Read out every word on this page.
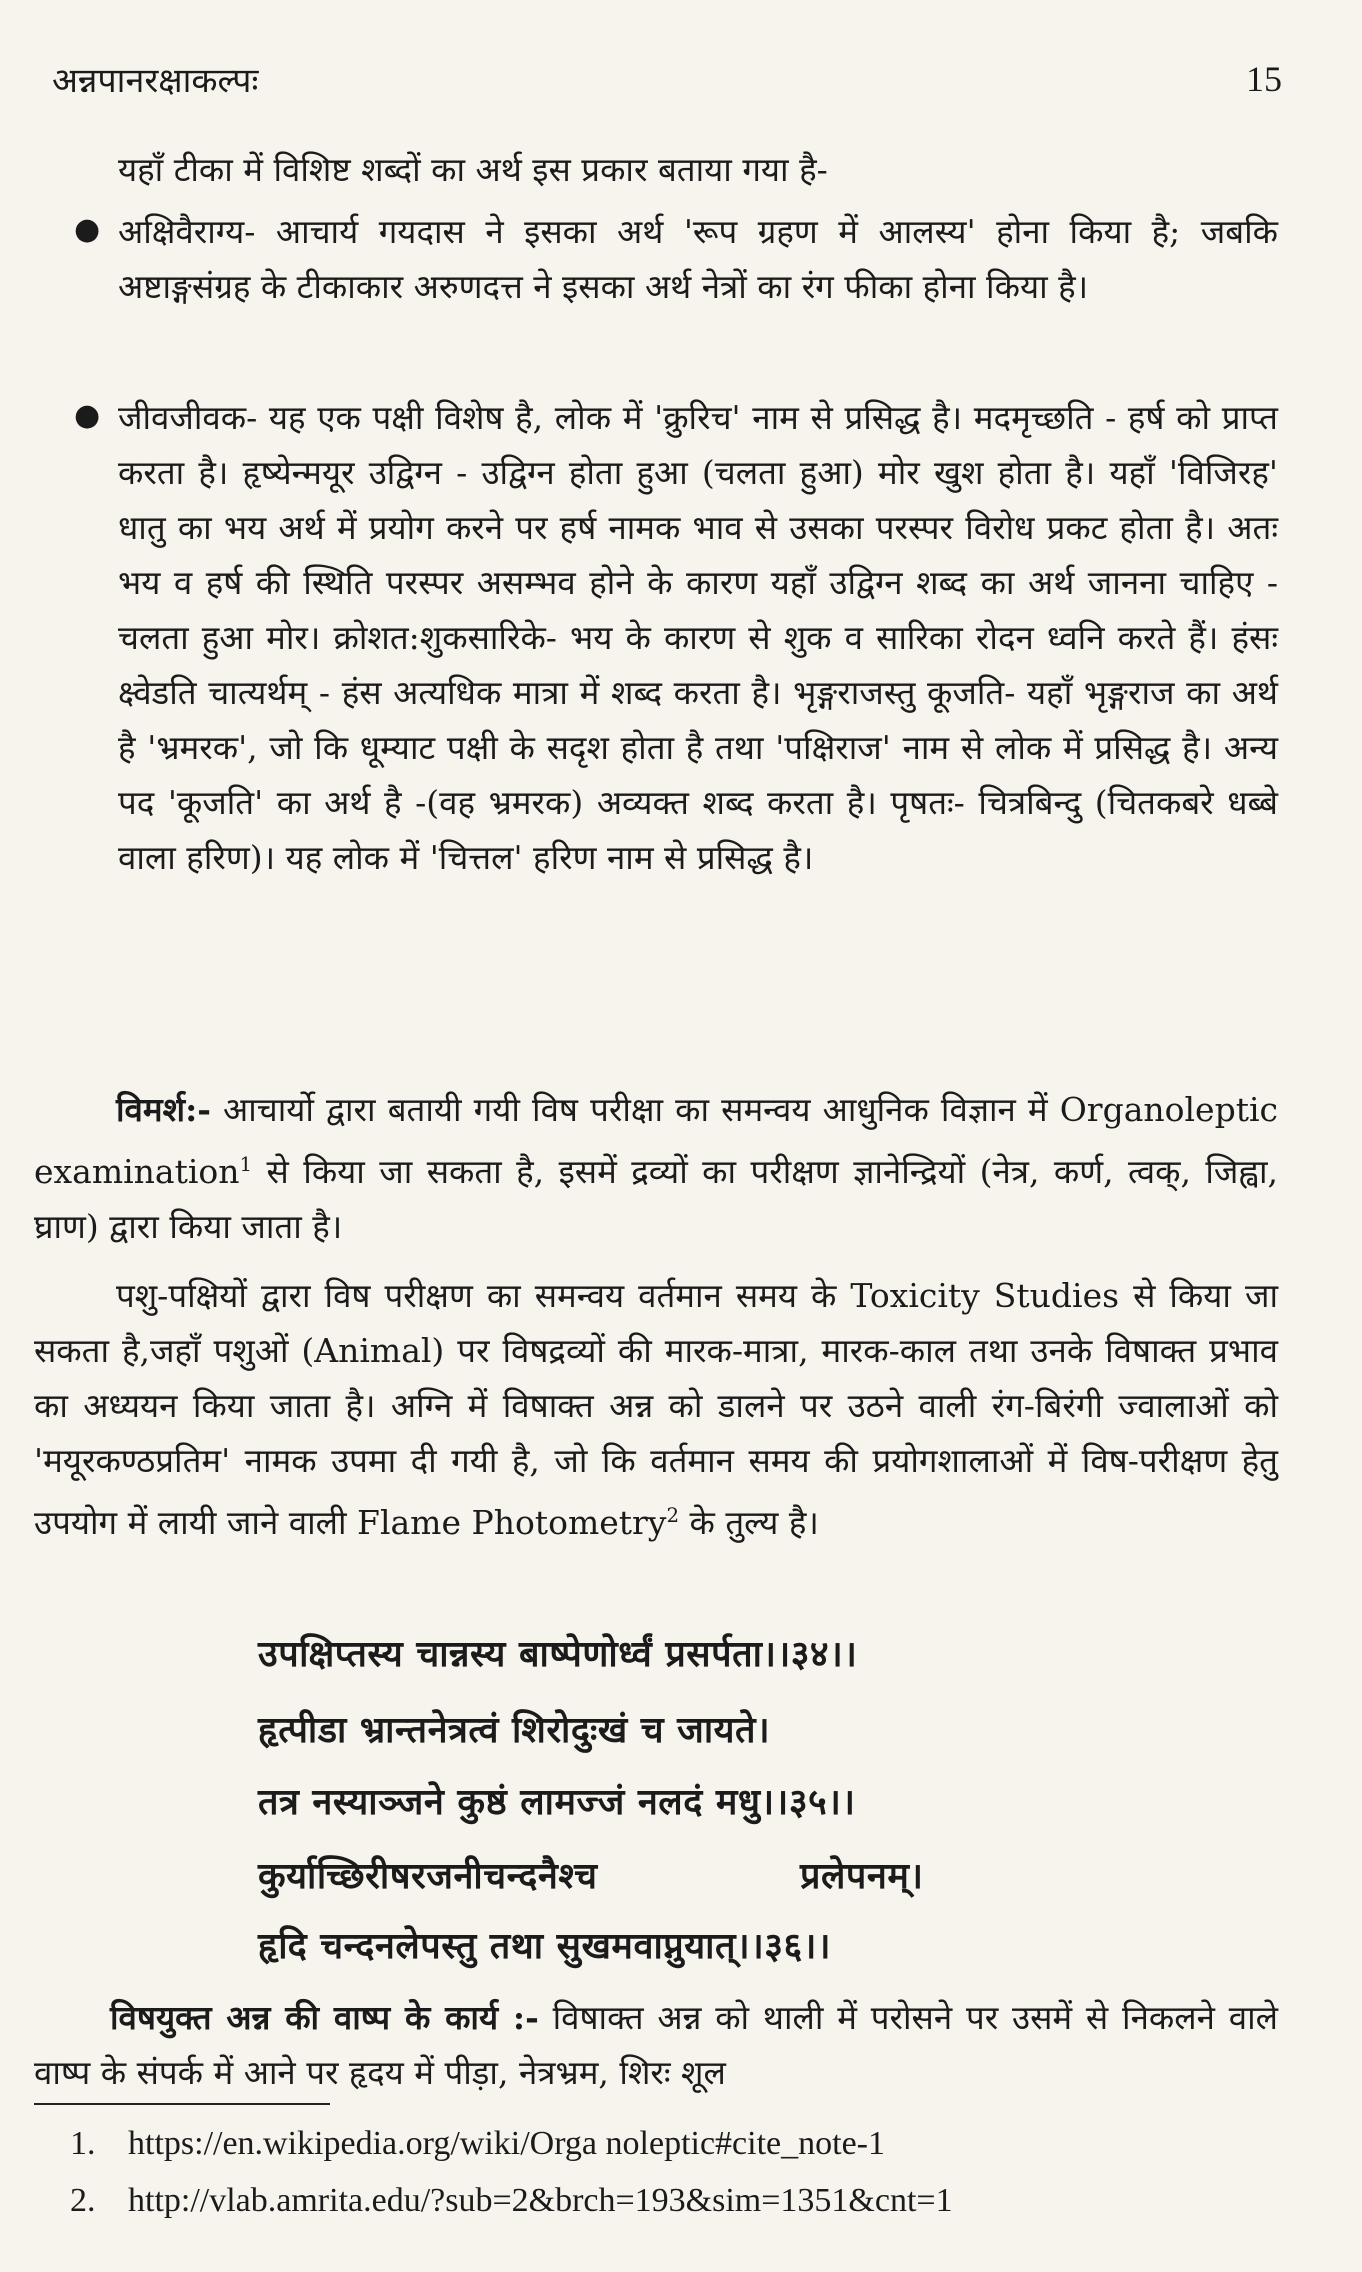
अन्नपानरक्षाकल्पः	15
यहाँ टीका में विशिष्ट शब्दों का अर्थ इस प्रकार बताया गया है-
● अक्षिवैराग्य- आचार्य गयदास ने इसका अर्थ 'रूप ग्रहण में आलस्य' होना किया है; जबकि अष्टाङ्गसंग्रह के टीकाकार अरुणदत्त ने इसका अर्थ नेत्रों का रंग फीका होना किया है।
● जीवजीवक- यह एक पक्षी विशेष है, लोक में 'क्रुरिच' नाम से प्रसिद्ध है। मदमृच्छति - हर्ष को प्राप्त करता है। हृष्येन्मयूर उद्विग्न - उद्विग्न होता हुआ (चलता हुआ) मोर खुश होता है। यहाँ 'विजिरह' धातु का भय अर्थ में प्रयोग करने पर हर्ष नामक भाव से उसका परस्पर विरोध प्रकट होता है। अतः भय व हर्ष की स्थिति परस्पर असम्भव होने के कारण यहाँ उद्विग्न शब्द का अर्थ जानना चाहिए - चलता हुआ मोर। क्रोशत:शुकसारिके- भय के कारण से शुक व सारिका रोदन ध्वनि करते हैं। हंसः क्ष्वेडति चात्यर्थम् - हंस अत्यधिक मात्रा में शब्द करता है। भृङ्गराजस्तु कूजति- यहाँ भृङ्गराज का अर्थ है 'भ्रमरक', जो कि धूम्याट पक्षी के सदृश होता है तथा 'पक्षिराज' नाम से लोक में प्रसिद्ध है। अन्य पद 'कूजति' का अर्थ है -(वह भ्रमरक) अव्यक्त शब्द करता है। पृषतः- चित्रबिन्दु (चितकबरे धब्बे वाला हरिण)। यह लोक में 'चित्तल' हरिण नाम से प्रसिद्ध है।
विमर्श:- आचार्यो द्वारा बतायी गयी विष परीक्षा का समन्वय आधुनिक विज्ञान में Organoleptic examination$^1$ से किया जा सकता है, इसमें द्रव्यों का परीक्षण ज्ञानेन्द्रियों (नेत्र, कर्ण, त्वक्, जिह्वा, घ्राण) द्वारा किया जाता है।
पशु-पक्षियों द्वारा विष परीक्षण का समन्वय वर्तमान समय के Toxicity Studies से किया जा सकता है,जहाँ पशुओं (Animal) पर विषद्रव्यों की मारक-मात्रा, मारक-काल तथा उनके विषाक्त प्रभाव का अध्ययन किया जाता है। अग्नि में विषाक्त अन्न को डालने पर उठने वाली रंग-बिरंगी ज्वालाओं को 'मयूरकण्ठप्रतिम' नामक उपमा दी गयी है, जो कि वर्तमान समय की प्रयोगशालाओं में विष-परीक्षण हेतु उपयोग में लायी जाने वाली Flame Photometry$^2$ के तुल्य है।
उपक्षिप्तस्य चान्नस्य बाष्पेणोर्ध्वं प्रसर्पता।।३४।।
हृत्पीडा भ्रान्तनेत्रत्वं शिरोदुःखं च जायते।
तत्र नस्याञ्जने कुष्ठं लामज्जं नलदं मधु।।३५।।
कुर्याच्छिरीषरजनीचन्दनैश्च	प्रलेपनम्।
हृदि चन्दनलेपस्तु तथा सुखमवाप्नुयात्।।३६।।
विषयुक्त अन्न की वाष्प के कार्य :- विषाक्त अन्न को थाली में परोसने पर उसमें से निकलने वाले वाष्प के संपर्क में आने पर हृदय में पीड़ा, नेत्रभ्रम, शिरः शूल
1. https://en.wikipedia.org/wiki/Orga noleptic#cite_note-1
2. http://vlab.amrita.edu/?sub=2&brch=193&sim=1351&cnt=1
